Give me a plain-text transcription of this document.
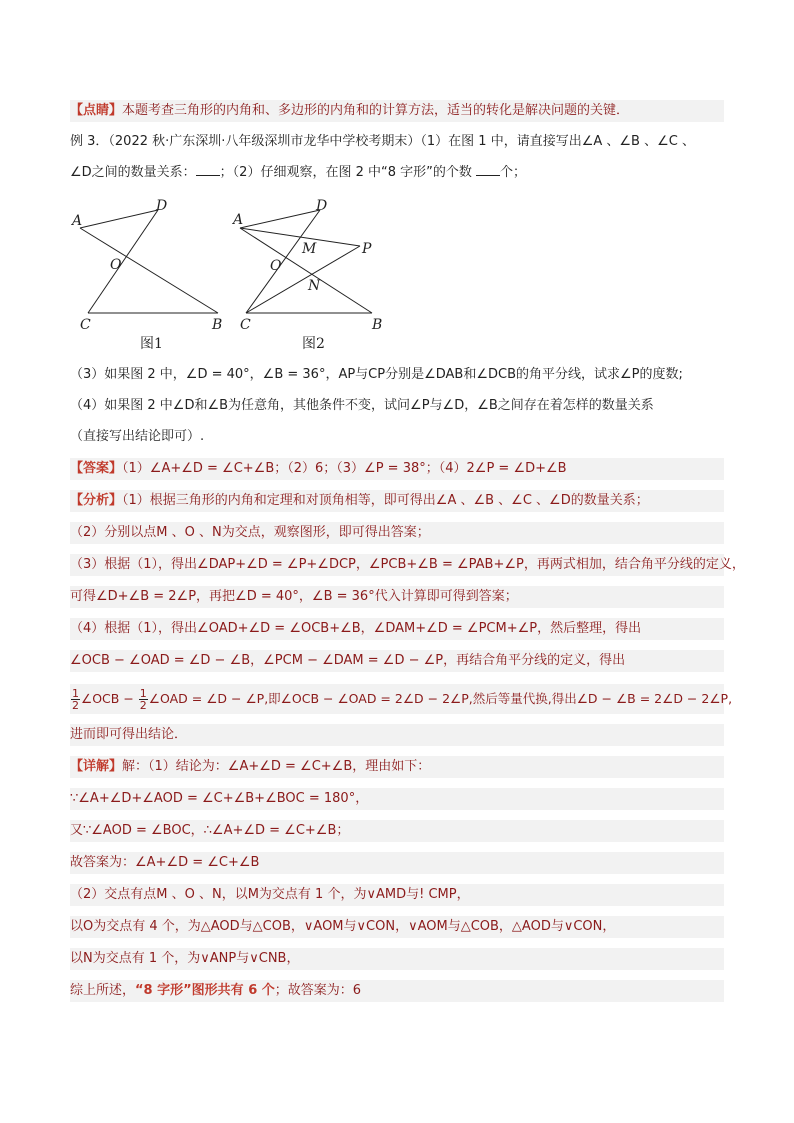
【点睛】本题考查三角形的内角和、多边形的内角和的计算方法，适当的转化是解决问题的关键．
例 3．（2022 秋·广东深圳·八年级深圳市龙华中学校考期末）（1）在图 1 中，请直接写出∠A 、∠B 、∠C 、
∠D之间的数量关系： ；（2）仔细观察，在图 2 中“8 字形”的个数 个；
A
D
O
C	B
图1
A
D
M	P
O
N
C	B
图2
（3）如果图 2 中，∠D = 40°，∠B = 36°，AP与CP分别是∠DAB和∠DCB的角平分线，试求∠P的度数;
（4）如果图 2 中∠D和∠B为任意角，其他条件不变，试问∠P与∠D，∠B之间存在着怎样的数量关系
（直接写出结论即可）.
【答案】（1）∠A+∠D = ∠C+∠B；（2）6；（3）∠P = 38°；（4）2∠P = ∠D+∠B
【分析】（1）根据三角形的内角和定理和对顶角相等，即可得出∠A 、∠B 、∠C 、∠D的数量关系；
（2）分别以点M 、O 、N为交点，观察图形，即可得出答案；
（3）根据（1），得出∠DAP+∠D = ∠P+∠DCP，∠PCB+∠B = ∠PAB+∠P，再两式相加，结合角平分线的定义，
可得∠D+∠B = 2∠P，再把∠D = 40°，∠B = 36°代入计算即可得到答案；
（4）根据（1），得出∠OAD+∠D = ∠OCB+∠B，∠DAM+∠D = ∠PCM+∠P，然后整理，得出
∠OCB − ∠OAD = ∠D − ∠B，∠PCM − ∠DAM = ∠D − ∠P，再结合角平分线的定义，得出
$\frac{1}{2}$ ∠OCB − $\frac{1}{2}$ ∠OAD = ∠D − ∠P,即∠OCB − ∠OAD = 2∠D − 2∠P,然后等量代换,得出∠D − ∠B = 2∠D − 2∠P,
进而即可得出结论．
【详解】解：（1）结论为：∠A+∠D = ∠C+∠B，理由如下：
∵∠A+∠D+∠AOD = ∠C+∠B+∠BOC = 180°，
又∵∠AOD = ∠BOC，∴∠A+∠D = ∠C+∠B；
故答案为：∠A+∠D = ∠C+∠B
（2）交点有点M 、O 、N，以M为交点有 1 个，为∨AMD与! CMP，
以O为交点有 4 个，为△AOD与△COB，∨AOM与∨CON，∨AOM与△COB，△AOD与∨CON，
以N为交点有 1 个，为∨ANP与∨CNB，
综上所述，“8 字形”图形共有 6 个；故答案为：6
